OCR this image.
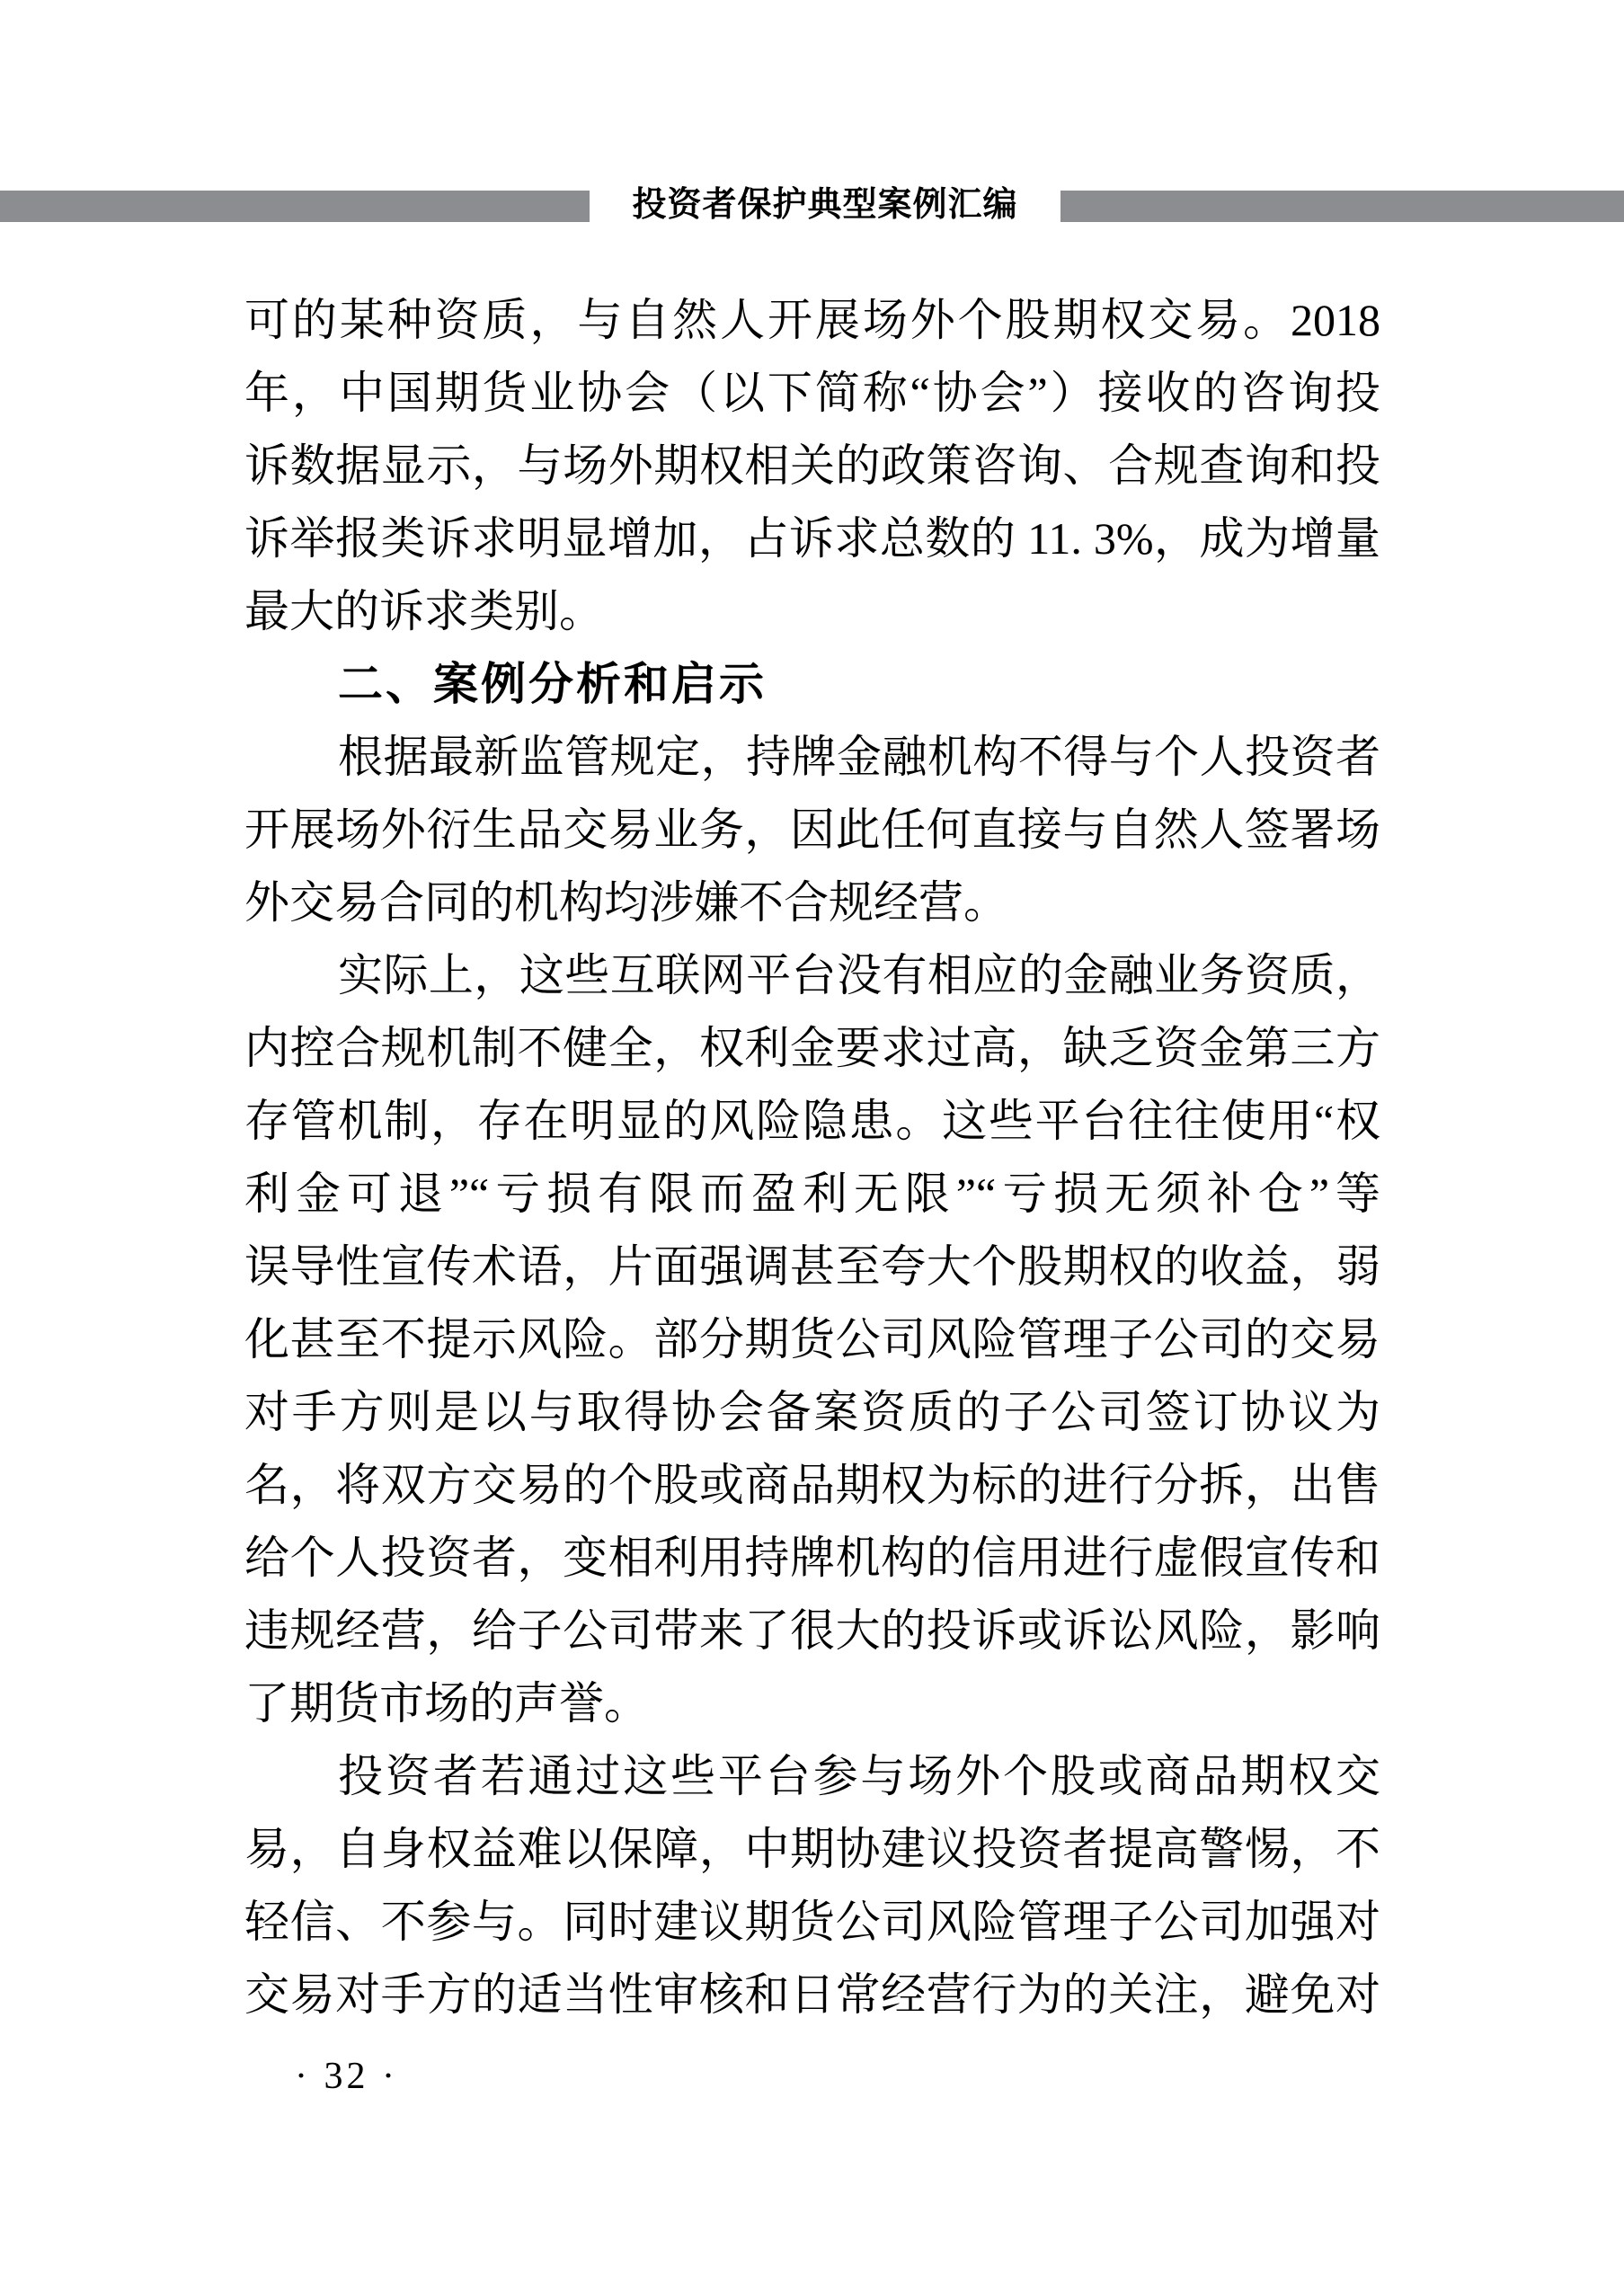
投资者保护典型案例汇编
可的某种资质，与自然人开展场外个股期权交易。2018
年，中国期货业协会（以下简称“协会”）接收的咨询投
诉数据显示，与场外期权相关的政策咨询、合规查询和投
诉举报类诉求明显增加，占诉求总数的 11. 3%，成为增量
最大的诉求类别。
二、案例分析和启示
根据最新监管规定，持牌金融机构不得与个人投资者
开展场外衍生品交易业务，因此任何直接与自然人签署场
外交易合同的机构均涉嫌不合规经营。
实际上，这些互联网平台没有相应的金融业务资质，
内控合规机制不健全，权利金要求过高，缺乏资金第三方
存管机制，存在明显的风险隐患。这些平台往往使用“权
利金可退”“亏损有限而盈利无限”“亏损无须补仓”等
误导性宣传术语，片面强调甚至夸大个股期权的收益，弱
化甚至不提示风险。部分期货公司风险管理子公司的交易
对手方则是以与取得协会备案资质的子公司签订协议为
名，将双方交易的个股或商品期权为标的进行分拆，出售
给个人投资者，变相利用持牌机构的信用进行虚假宣传和
违规经营，给子公司带来了很大的投诉或诉讼风险，影响
了期货市场的声誉。
投资者若通过这些平台参与场外个股或商品期权交
易，自身权益难以保障，中期协建议投资者提高警惕，不
轻信、不参与。同时建议期货公司风险管理子公司加强对
交易对手方的适当性审核和日常经营行为的关注，避免对
· 32 ·
